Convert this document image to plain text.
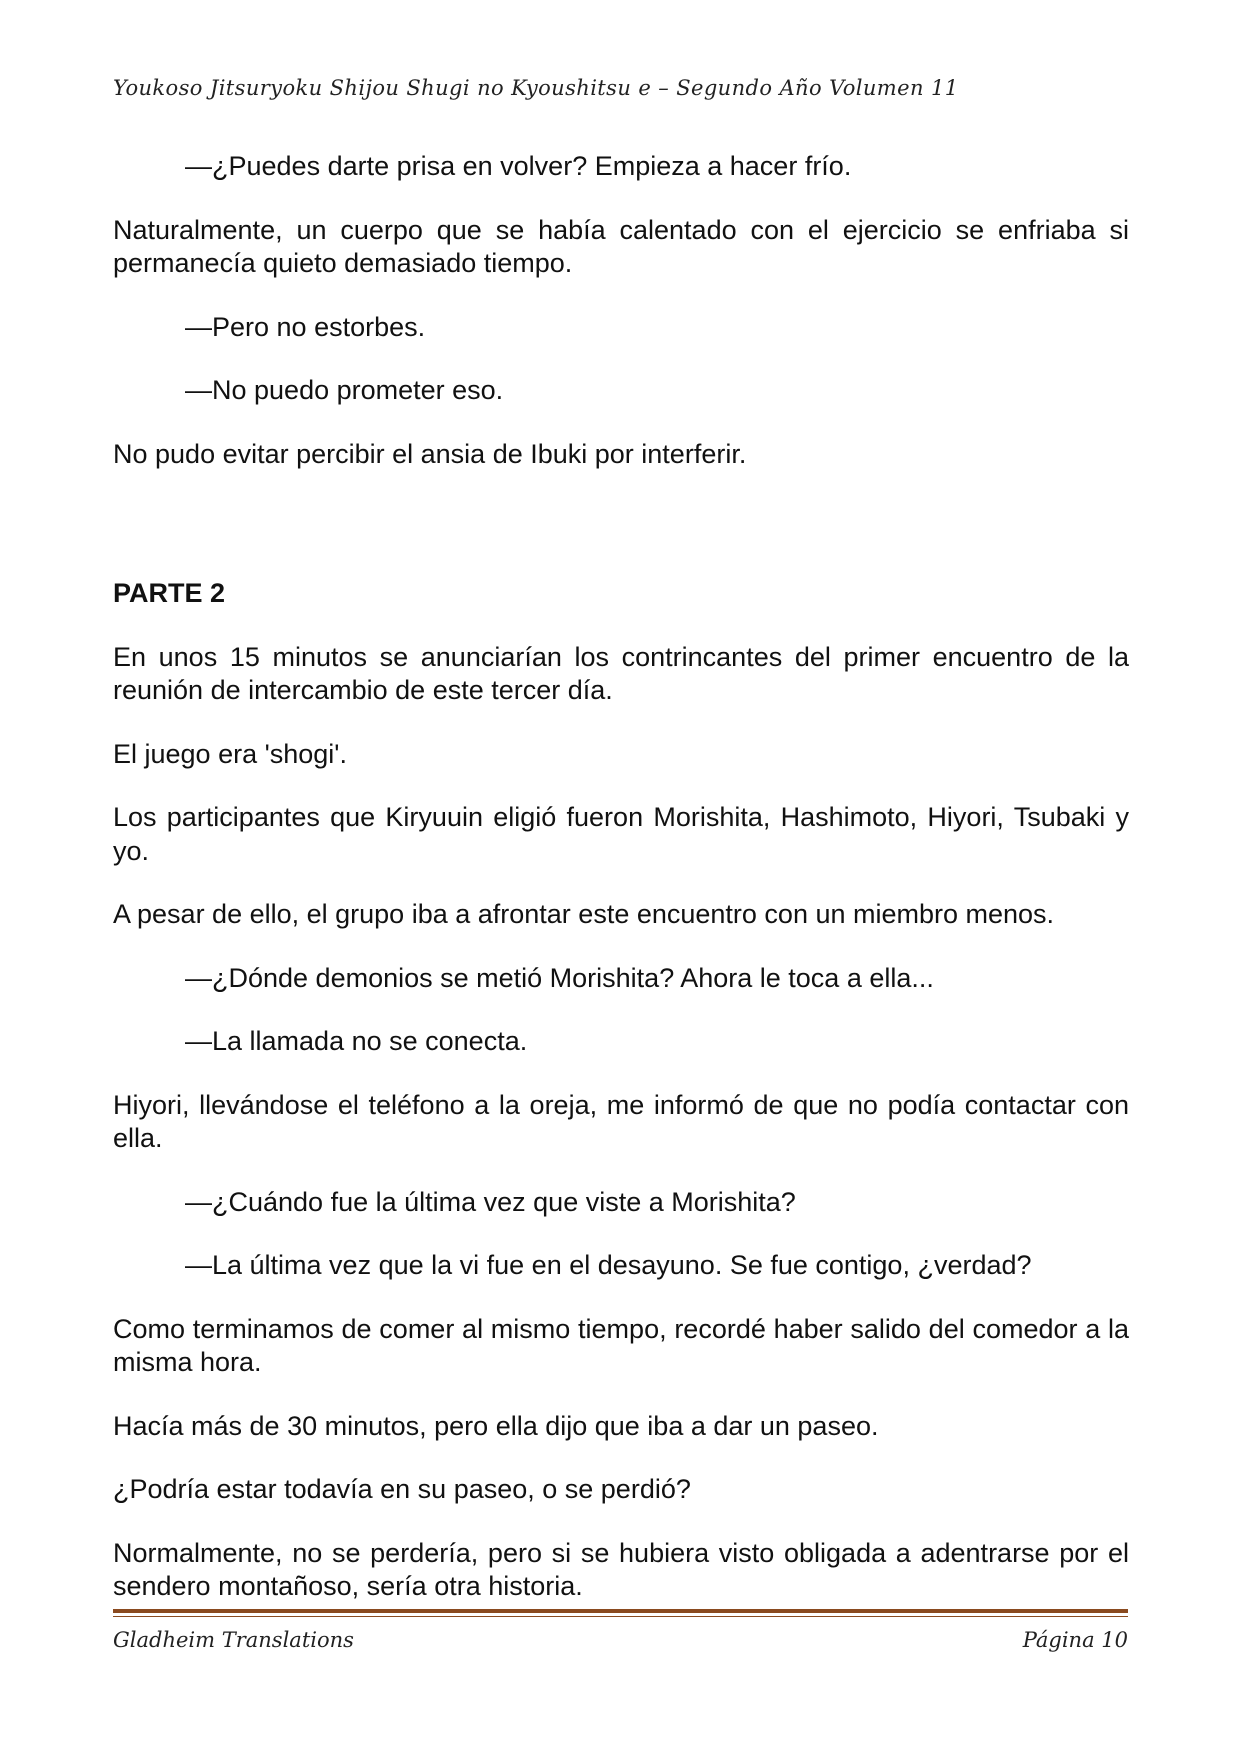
Youkoso Jitsuryoku Shijou Shugi no Kyoushitsu e – Segundo Año Volumen 11

—¿Puedes darte prisa en volver? Empieza a hacer frío.

Naturalmente, un cuerpo que se había calentado con el ejercicio se enfriaba si permanecía quieto demasiado tiempo.

—Pero no estorbes.

—No puedo prometer eso.

No pudo evitar percibir el ansia de Ibuki por interferir.

PARTE 2

En unos 15 minutos se anunciarían los contrincantes del primer encuentro de la reunión de intercambio de este tercer día.

El juego era 'shogi'.

Los participantes que Kiryuuin eligió fueron Morishita, Hashimoto, Hiyori, Tsubaki y yo.

A pesar de ello, el grupo iba a afrontar este encuentro con un miembro menos.

—¿Dónde demonios se metió Morishita? Ahora le toca a ella...

—La llamada no se conecta.

Hiyori, llevándose el teléfono a la oreja, me informó de que no podía contactar con ella.

—¿Cuándo fue la última vez que viste a Morishita?

—La última vez que la vi fue en el desayuno. Se fue contigo, ¿verdad?

Como terminamos de comer al mismo tiempo, recordé haber salido del comedor a la misma hora.

Hacía más de 30 minutos, pero ella dijo que iba a dar un paseo.

¿Podría estar todavía en su paseo, o se perdió?

Normalmente, no se perdería, pero si se hubiera visto obligada a adentrarse por el sendero montañoso, sería otra historia.

Gladheim Translations	Página 10
